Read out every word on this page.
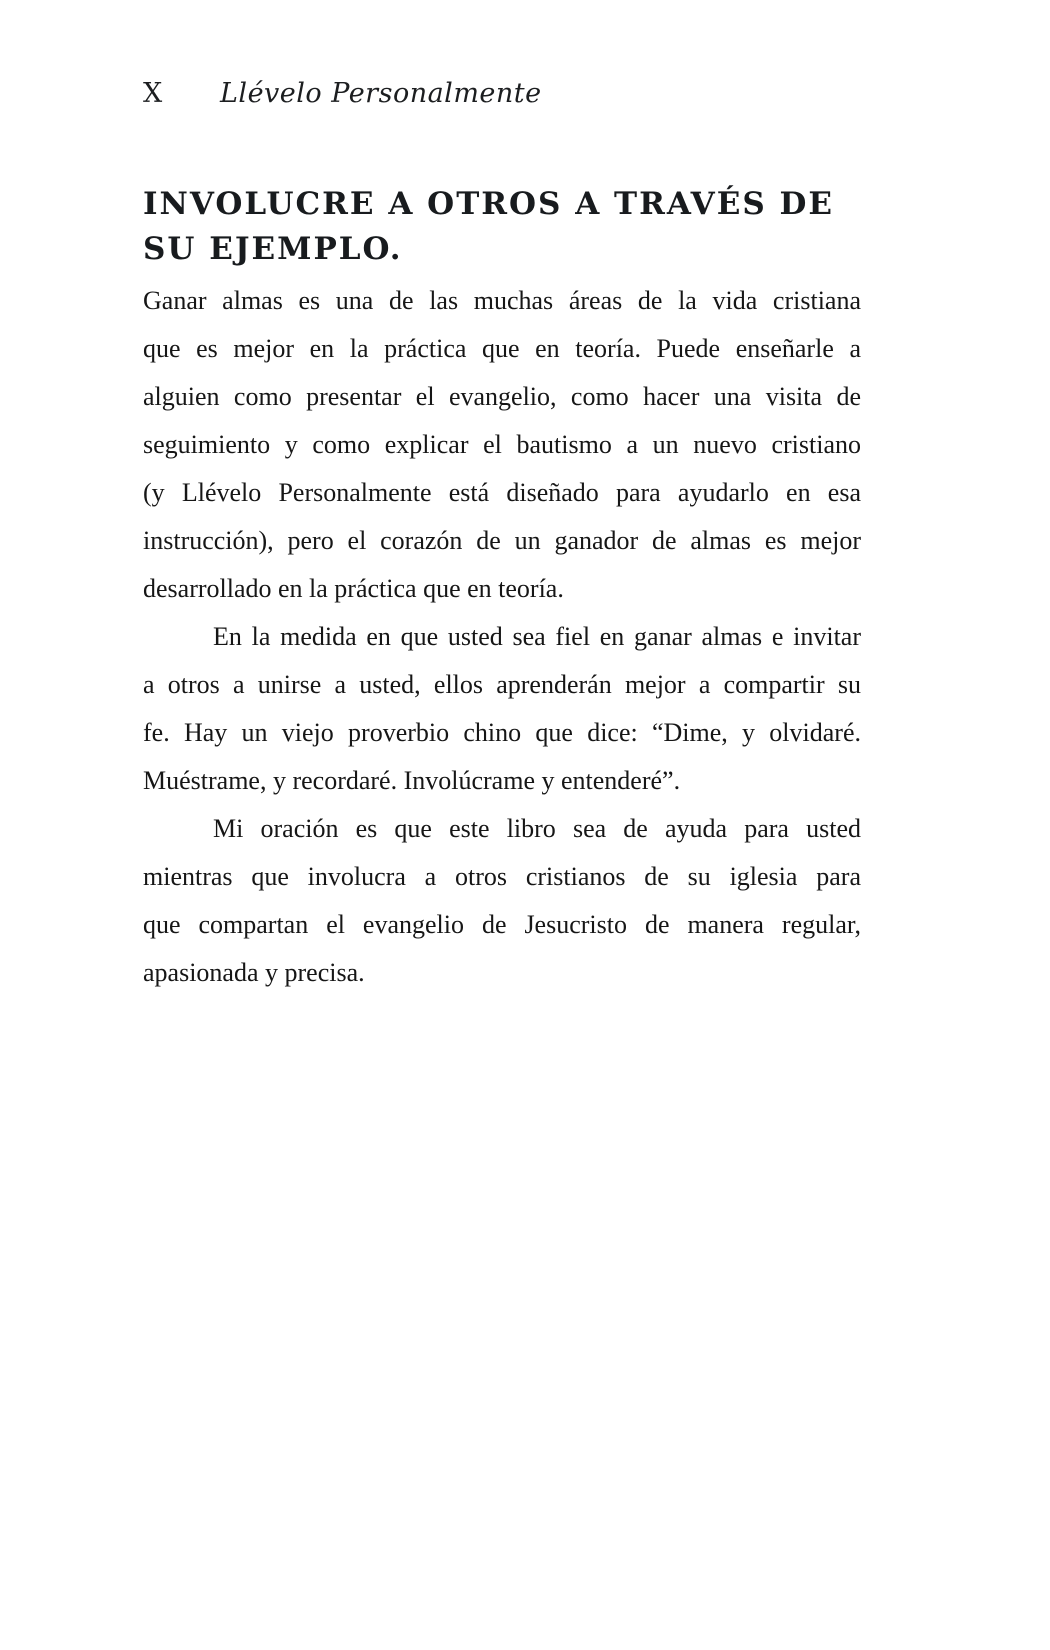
X	Llévelo Personalmente
INVOLUCRE A OTROS A TRAVÉS DE
SU EJEMPLO.
Ganar almas es una de las muchas áreas de la vida cristiana
que es mejor en la práctica que en teoría. Puede enseñarle a
alguien como presentar el evangelio, como hacer una visita de
seguimiento y como explicar el bautismo a un nuevo cristiano
(y Llévelo Personalmente está diseñado para ayudarlo en esa
instrucción), pero el corazón de un ganador de almas es mejor
desarrollado en la práctica que en teoría.
En la medida en que usted sea fiel en ganar almas e invitar
a otros a unirse a usted, ellos aprenderán mejor a compartir su
fe. Hay un viejo proverbio chino que dice: “Dime, y olvidaré.
Muéstrame, y recordaré. Involúcrame y entenderé”.
Mi oración es que este libro sea de ayuda para usted
mientras que involucra a otros cristianos de su iglesia para
que compartan el evangelio de Jesucristo de manera regular,
apasionada y precisa.
